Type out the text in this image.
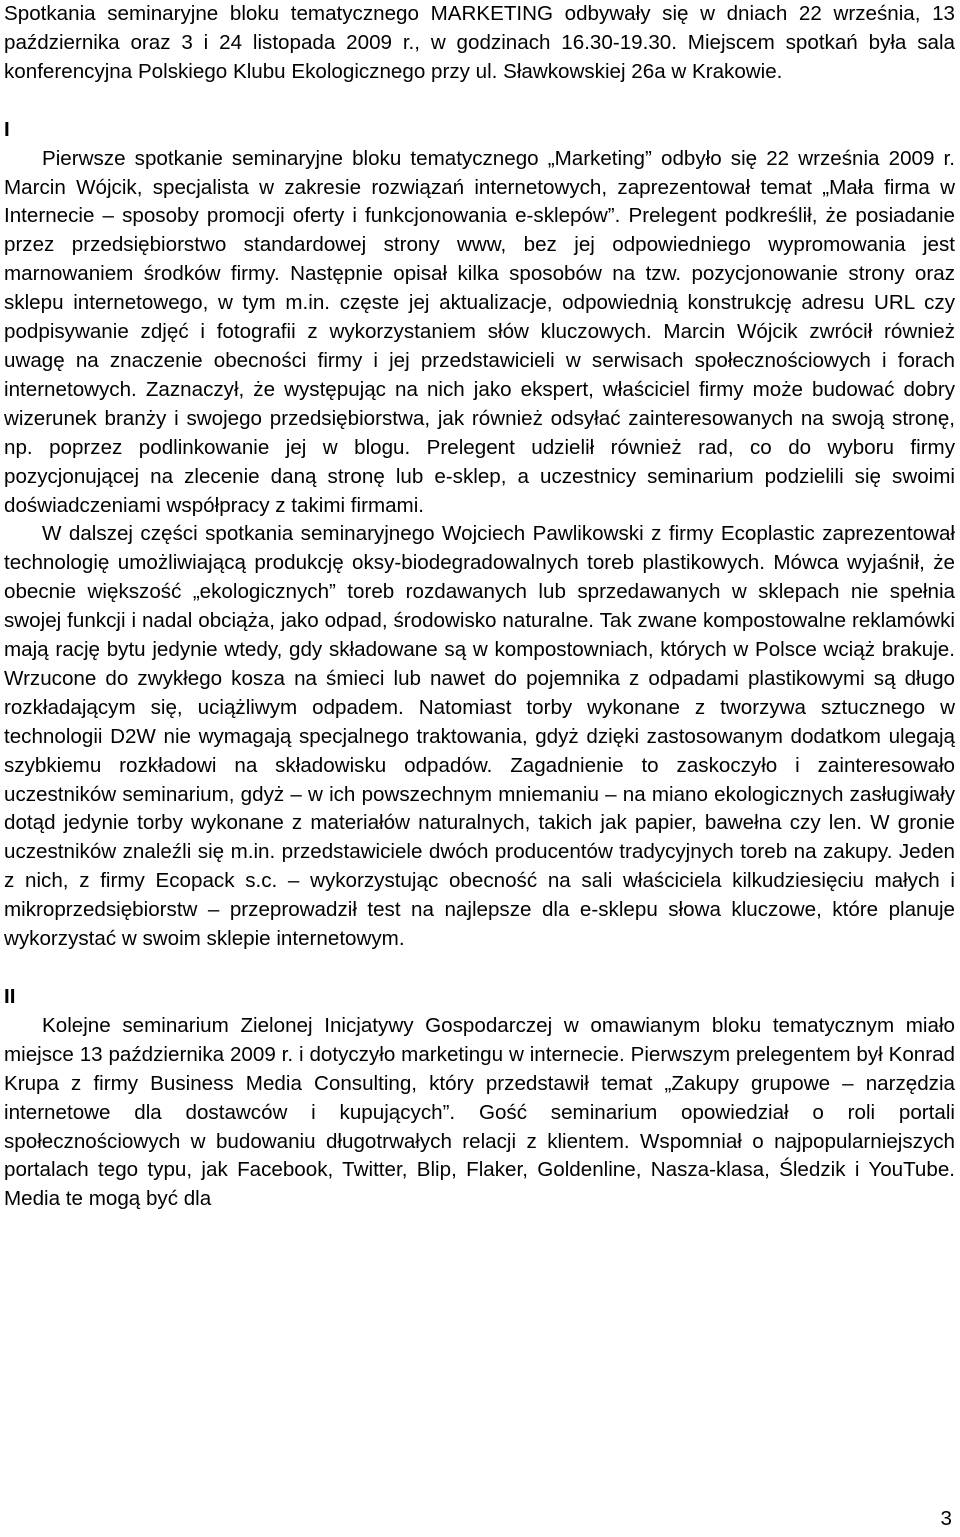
Spotkania seminaryjne bloku tematycznego MARKETING odbywały się w dniach 22 września, 13 października oraz 3 i 24 listopada 2009 r., w godzinach 16.30-19.30. Miejscem spotkań była sala konferencyjna Polskiego Klubu Ekologicznego przy ul. Sławkowskiej 26a w Krakowie.

I

Pierwsze spotkanie seminaryjne bloku tematycznego „Marketing” odbyło się 22 września 2009 r. Marcin Wójcik, specjalista w zakresie rozwiązań internetowych, zaprezentował temat „Mała firma w Internecie – sposoby promocji oferty i funkcjonowania e-sklepów”. Prelegent podkreślił, że posiadanie przez przedsiębiorstwo standardowej strony www, bez jej odpowiedniego wypromowania jest marnowaniem środków firmy. Następnie opisał kilka sposobów na tzw. pozycjonowanie strony oraz sklepu internetowego, w tym m.in. częste jej aktualizacje, odpowiednią konstrukcję adresu URL czy podpisywanie zdjęć i fotografii z wykorzystaniem słów kluczowych. Marcin Wójcik zwrócił również uwagę na znaczenie obecności firmy i jej przedstawicieli w serwisach społecznościowych i forach internetowych. Zaznaczył, że występując na nich jako ekspert, właściciel firmy może budować dobry wizerunek branży i swojego przedsiębiorstwa, jak również odsyłać zainteresowanych na swoją stronę, np. poprzez podlinkowanie jej w blogu. Prelegent udzielił również rad, co do wyboru firmy pozycjonującej na zlecenie daną stronę lub e-sklep, a uczestnicy seminarium podzielili się swoimi doświadczeniami współpracy z takimi firmami.

W dalszej części spotkania seminaryjnego Wojciech Pawlikowski z firmy Ecoplastic zaprezentował technologię umożliwiającą produkcję oksy-biodegradowalnych toreb plastikowych. Mówca wyjaśnił, że obecnie większość „ekologicznych” toreb rozdawanych lub sprzedawanych w sklepach nie spełnia swojej funkcji i nadal obciąża, jako odpad, środowisko naturalne. Tak zwane kompostowalne reklamówki mają rację bytu jedynie wtedy, gdy składowane są w kompostowniach, których w Polsce wciąż brakuje. Wrzucone do zwykłego kosza na śmieci lub nawet do pojemnika z odpadami plastikowymi są długo rozkładającym się, uciążliwym odpadem. Natomiast torby wykonane z tworzywa sztucznego w technologii D2W nie wymagają specjalnego traktowania, gdyż dzięki zastosowanym dodatkom ulegają szybkiemu rozkładowi na składowisku odpadów. Zagadnienie to zaskoczyło i zainteresowało uczestników seminarium, gdyż – w ich powszechnym mniemaniu – na miano ekologicznych zasługiwały dotąd jedynie torby wykonane z materiałów naturalnych, takich jak papier, bawełna czy len. W gronie uczestników znaleźli się m.in. przedstawiciele dwóch producentów tradycyjnych toreb na zakupy. Jeden z nich, z firmy Ecopack s.c. – wykorzystując obecność na sali właściciela kilkudziesięciu małych i mikroprzedsiębiorstw – przeprowadził test na najlepsze dla e-sklepu słowa kluczowe, które planuje wykorzystać w swoim sklepie internetowym.

II

Kolejne seminarium Zielonej Inicjatywy Gospodarczej w omawianym bloku tematycznym miało miejsce 13 października 2009 r. i dotyczyło marketingu w internecie. Pierwszym prelegentem był Konrad Krupa z firmy Business Media Consulting, który przedstawił temat „Zakupy grupowe – narzędzia internetowe dla dostawców i kupujących”. Gość seminarium opowiedział o roli portali społecznościowych w budowaniu długotrwałych relacji z klientem. Wspomniał o najpopularniejszych portalach tego typu, jak Facebook, Twitter, Blip, Flaker, Goldenline, Nasza-klasa, Śledzik i YouTube. Media te mogą być dla

3
